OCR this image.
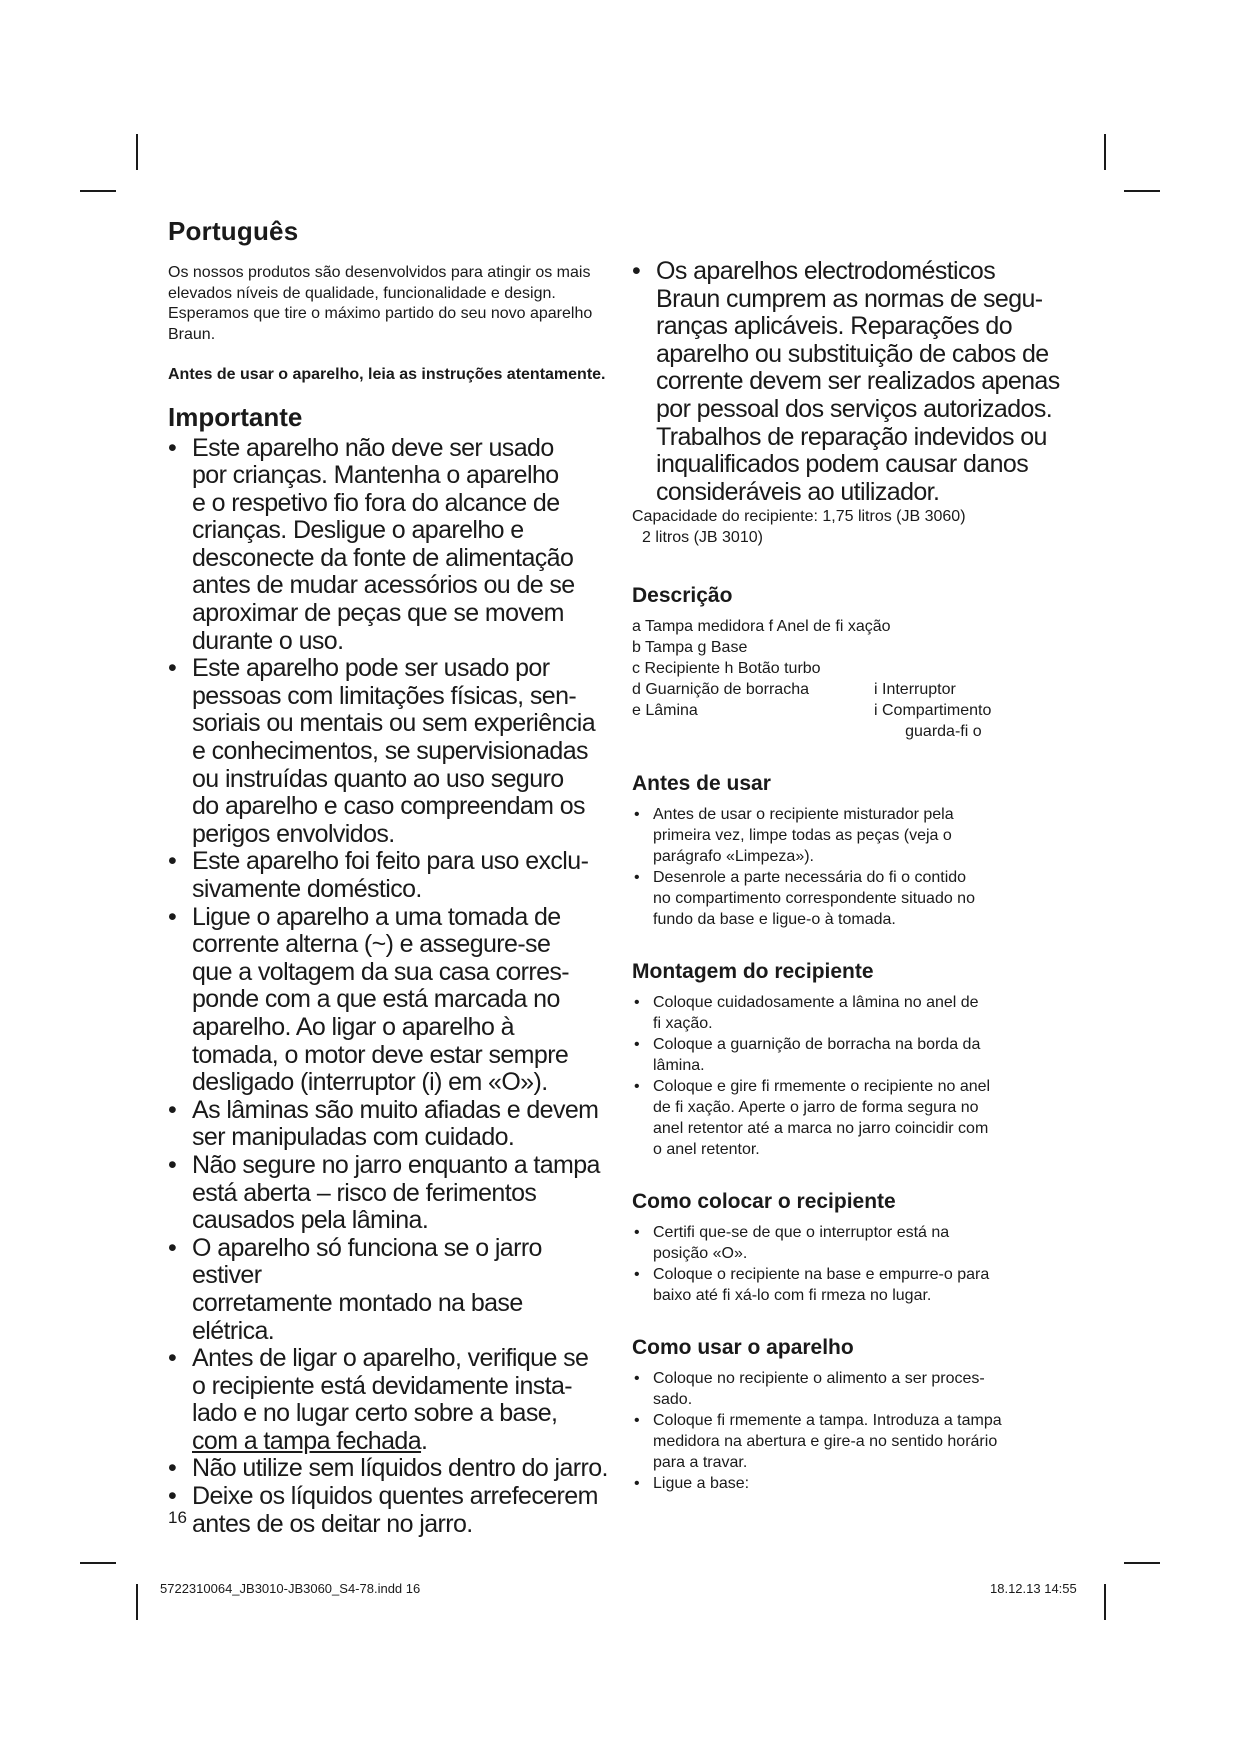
Português

Os nossos produtos são desenvolvidos para atingir os mais elevados níveis de qualidade, funcionalidade e design. Esperamos que tire o máximo partido do seu novo aparelho Braun.

Antes de usar o aparelho, leia as instruções atentamente.

Importante
• Este aparelho não deve ser usado
por crianças. Mantenha o aparelho
e o respetivo fio fora do alcance de
crianças. Desligue o aparelho e
desconecte da fonte de alimentação
antes de mudar acessórios ou de se
aproximar de peças que se movem
durante o uso.
• Este aparelho pode ser usado por
pessoas com limitações físicas, sen-
soriais ou mentais ou sem experiência
e conhecimentos, se supervisionadas
ou instruídas quanto ao uso seguro
do aparelho e caso compreendam os
perigos envolvidos.
• Este aparelho foi feito para uso exclu-
sivamente doméstico.
• Ligue o aparelho a uma tomada de
corrente alterna (~) e assegure-se
que a voltagem da sua casa corres-
ponde com a que está marcada no
aparelho. Ao ligar o aparelho à
tomada, o motor deve estar sempre
desligado (interruptor (i) em «O»).
• As lâminas são muito afiadas e devem
ser manipuladas com cuidado.
• Não segure no jarro enquanto a tampa
está aberta – risco de ferimentos
causados pela lâmina.
• O aparelho só funciona se o jarro estiver
corretamente montado na base elétrica.
• Antes de ligar o aparelho, verifique se
o recipiente está devidamente insta-
lado e no lugar certo sobre a base,
com a tampa fechada.
• Não utilize sem líquidos dentro do jarro.
• Deixe os líquidos quentes arrefecerem
antes de os deitar no jarro.
16
• Os aparelhos electrodomésticos
Braun cumprem as normas de segu-
ranças aplicáveis. Reparações do
aparelho ou substituição de cabos de
corrente devem ser realizados apenas
por pessoal dos serviços autorizados.
Trabalhos de reparação indevidos ou
inqualificados podem causar danos
consideráveis ao utilizador.

Capacidade do recipiente: 1,75 litros (JB 3060)
2 litros (JB 3010)

Descrição
a Tampa medidora f Anel de fi xação
b Tampa g Base
c Recipiente h Botão turbo
d Guarnição de borracha	i Interruptor
e Lâmina	i Compartimento
guarda-fi o
Antes de usar
• Antes de usar o recipiente misturador pela
primeira vez, limpe todas as peças (veja o
parágrafo «Limpeza»).
• Desenrole a parte necessária do fi o contido
no compartimento correspondente situado no
fundo da base e ligue-o à tomada.
Montagem do recipiente
• Coloque cuidadosamente a lâmina no anel de
fi xação.
• Coloque a guarnição de borracha na borda da
lâmina.
• Coloque e gire fi rmemente o recipiente no anel
de fi xação. Aperte o jarro de forma segura no
anel retentor até a marca no jarro coincidir com
o anel retentor.
Como colocar o recipiente
• Certifi que-se de que o interruptor está na
posição «O».
• Coloque o recipiente na base e empurre-o para
baixo até fi xá-lo com fi rmeza no lugar.
Como usar o aparelho
• Coloque no recipiente o alimento a ser proces-
sado.
• Coloque fi rmemente a tampa. Introduza a tampa
medidora na abertura e gire-a no sentido horário
para a travar.
• Ligue a base:
5722310064_JB3010-JB3060_S4-78.indd 16	18.12.13 14:55
